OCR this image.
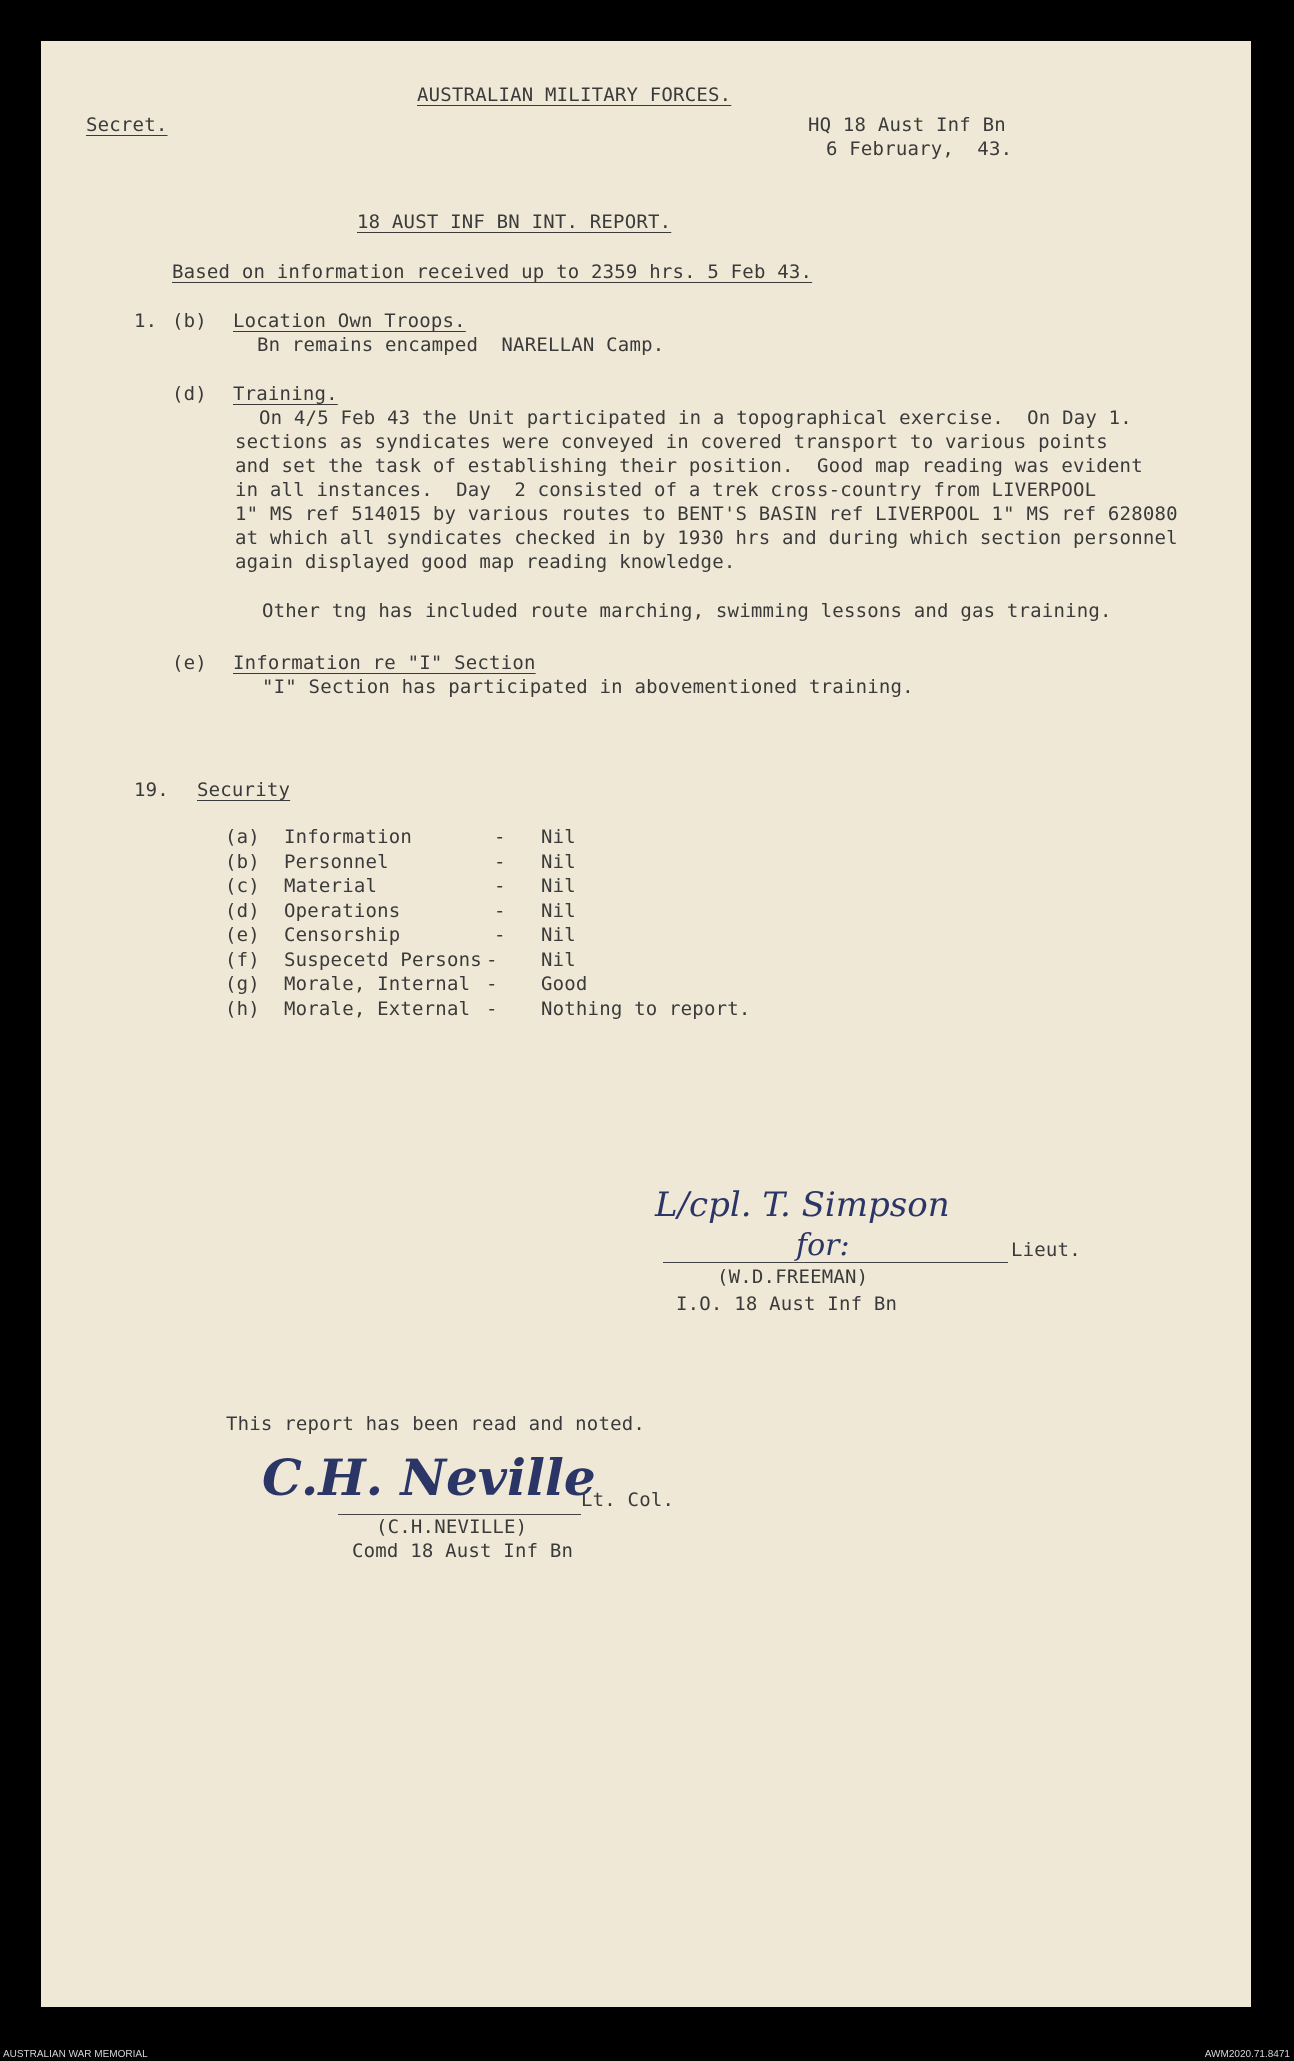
AUSTRALIAN MILITARY FORCES.
Secret.	HQ 18 Aust Inf Bn
6 February,  43.
18 AUST INF BN INT. REPORT.
Based on information received up to 2359 hrs. 5 Feb 43.
1. (b) Location Own Troops.
Bn remains encamped  NARELLAN Camp.
(d) Training.
On 4/5 Feb 43 the Unit participated in a topographical exercise.  On Day 1.
sections as syndicates were conveyed in covered transport to various points
and set the task of establishing their position.  Good map reading was evident
in all instances.  Day  2 consisted of a trek cross-country from LIVERPOOL
1" MS ref 514015 by various routes to BENT'S BASIN ref LIVERPOOL 1" MS ref 628080
at which all syndicates checked in by 1930 hrs and during which section personnel
again displayed good map reading knowledge.
Other tng has included route marching, swimming lessons and gas training.
(e) Information re "I" Section
"I" Section has participated in abovementioned training.
19. Security
(a) Information	- Nil
(b) Personnel	- Nil
(c) Material	- Nil
(d) Operations	- Nil
(e) Censorship	- Nil
(f) Suspecetd Persons - Nil
(g) Morale, Internal - Good
(h) Morale, External - Nothing to report.
L/cpl. T. Simpson
for:	Lieut.
(W.D.FREEMAN)
I.O. 18 Aust Inf Bn
This report has been read and noted.
C.H. Neville
Lt. Col.
(C.H.NEVILLE)
Comd 18 Aust Inf Bn
AUSTRALIAN WAR MEMORIAL	AWM2020.71.8471
